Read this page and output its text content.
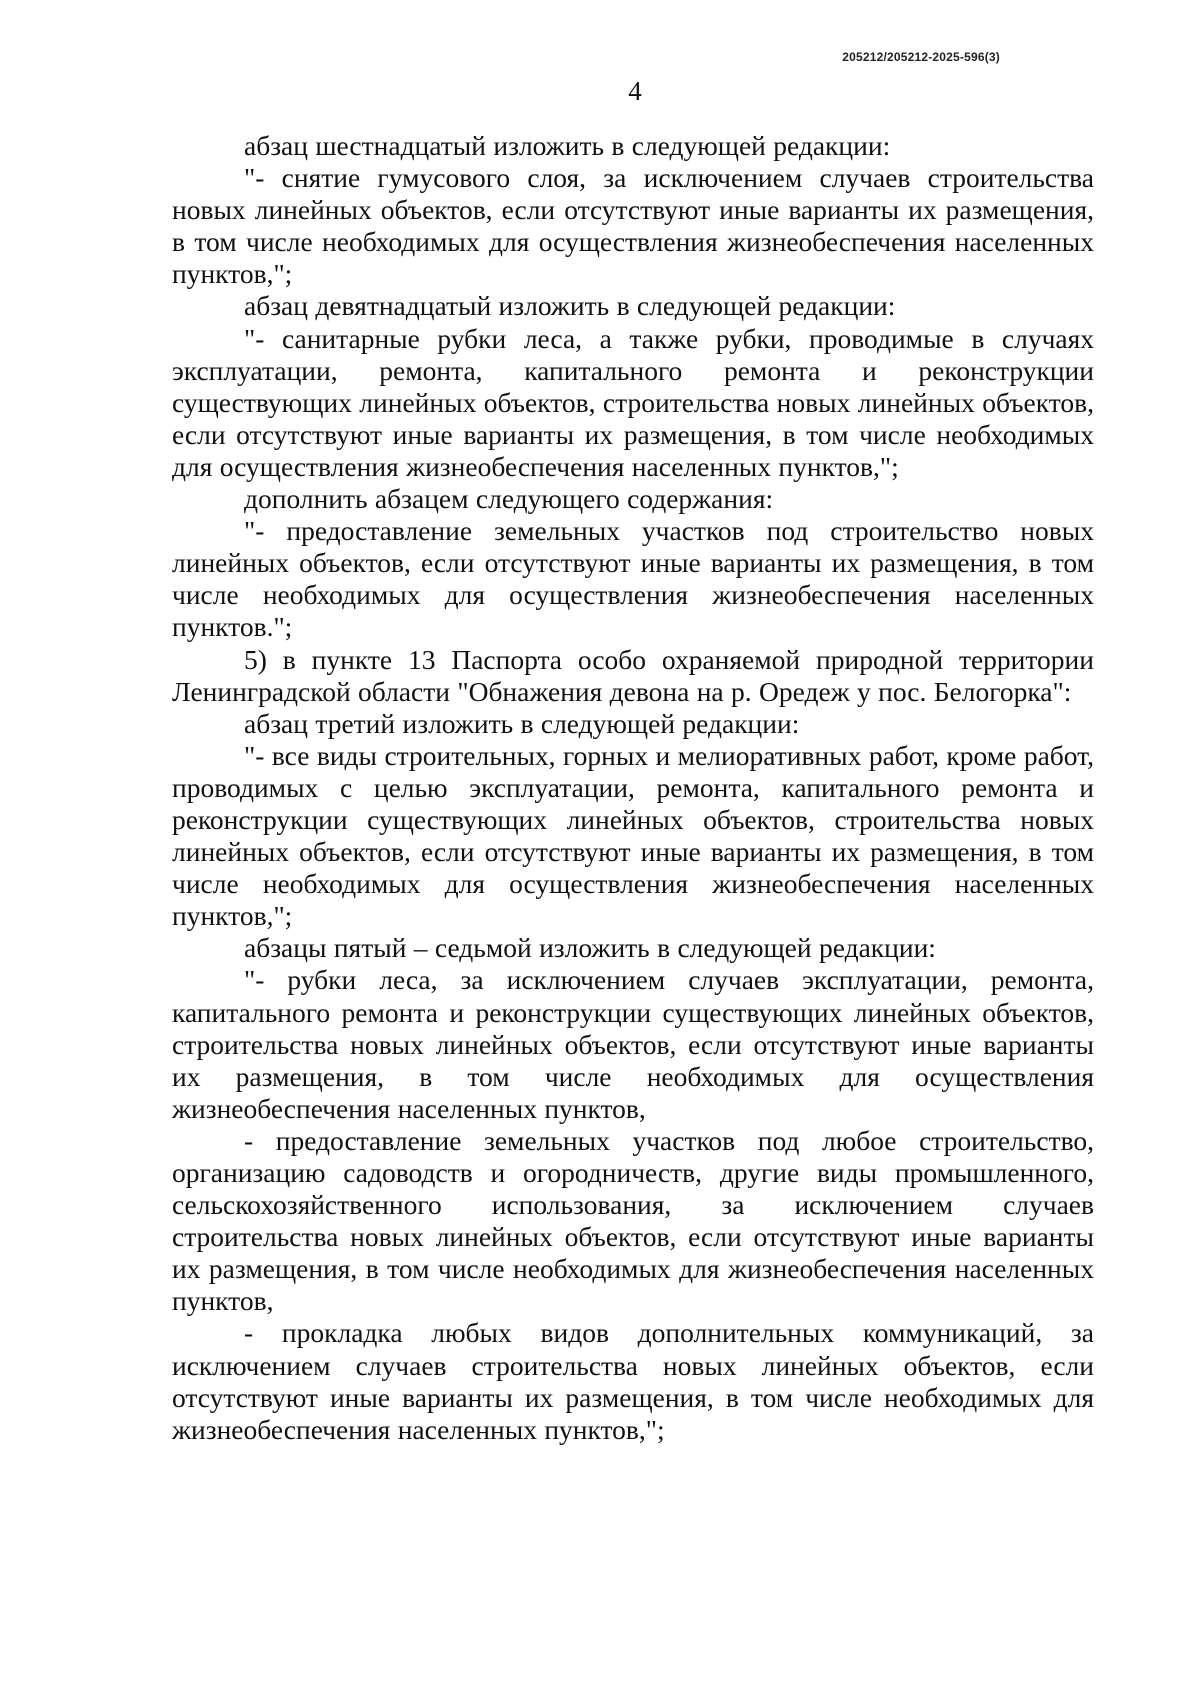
205212/205212-2025-596(3)
4

абзац шестнадцатый изложить в следующей редакции:

"- снятие гумусового слоя, за исключением случаев строительства новых линейных объектов, если отсутствуют иные варианты их размещения, в том числе необходимых для осуществления жизнеобеспечения населенных пунктов,";

абзац девятнадцатый изложить в следующей редакции:

"- санитарные рубки леса, а также рубки, проводимые в случаях эксплуатации, ремонта, капитального ремонта и реконструкции существующих линейных объектов, строительства новых линейных объектов, если отсутствуют иные варианты их размещения, в том числе необходимых для осуществления жизнеобеспечения населенных пунктов,";

дополнить абзацем следующего содержания:

"- предоставление земельных участков под строительство новых линейных объектов, если отсутствуют иные варианты их размещения, в том числе необходимых для осуществления жизнеобеспечения населенных пунктов.";

5) в пункте 13 Паспорта особо охраняемой природной территории Ленинградской области "Обнажения девона на р. Оредеж у пос. Белогорка":

абзац третий изложить в следующей редакции:

"- все виды строительных, горных и мелиоративных работ, кроме работ, проводимых с целью эксплуатации, ремонта, капитального ремонта и реконструкции существующих линейных объектов, строительства новых линейных объектов, если отсутствуют иные варианты их размещения, в том числе необходимых для осуществления жизнеобеспечения населенных пунктов,";

абзацы пятый – седьмой изложить в следующей редакции:

"- рубки леса, за исключением случаев эксплуатации, ремонта, капитального ремонта и реконструкции существующих линейных объектов, строительства новых линейных объектов, если отсутствуют иные варианты их размещения, в том числе необходимых для осуществления жизнеобеспечения населенных пунктов,

- предоставление земельных участков под любое строительство, организацию садоводств и огородничеств, другие виды промышленного, сельскохозяйственного использования, за исключением случаев строительства новых линейных объектов, если отсутствуют иные варианты их размещения, в том числе необходимых для жизнеобеспечения населенных пунктов,

- прокладка любых видов дополнительных коммуникаций, за исключением случаев строительства новых линейных объектов, если отсутствуют иные варианты их размещения, в том числе необходимых для жизнеобеспечения населенных пунктов,";
